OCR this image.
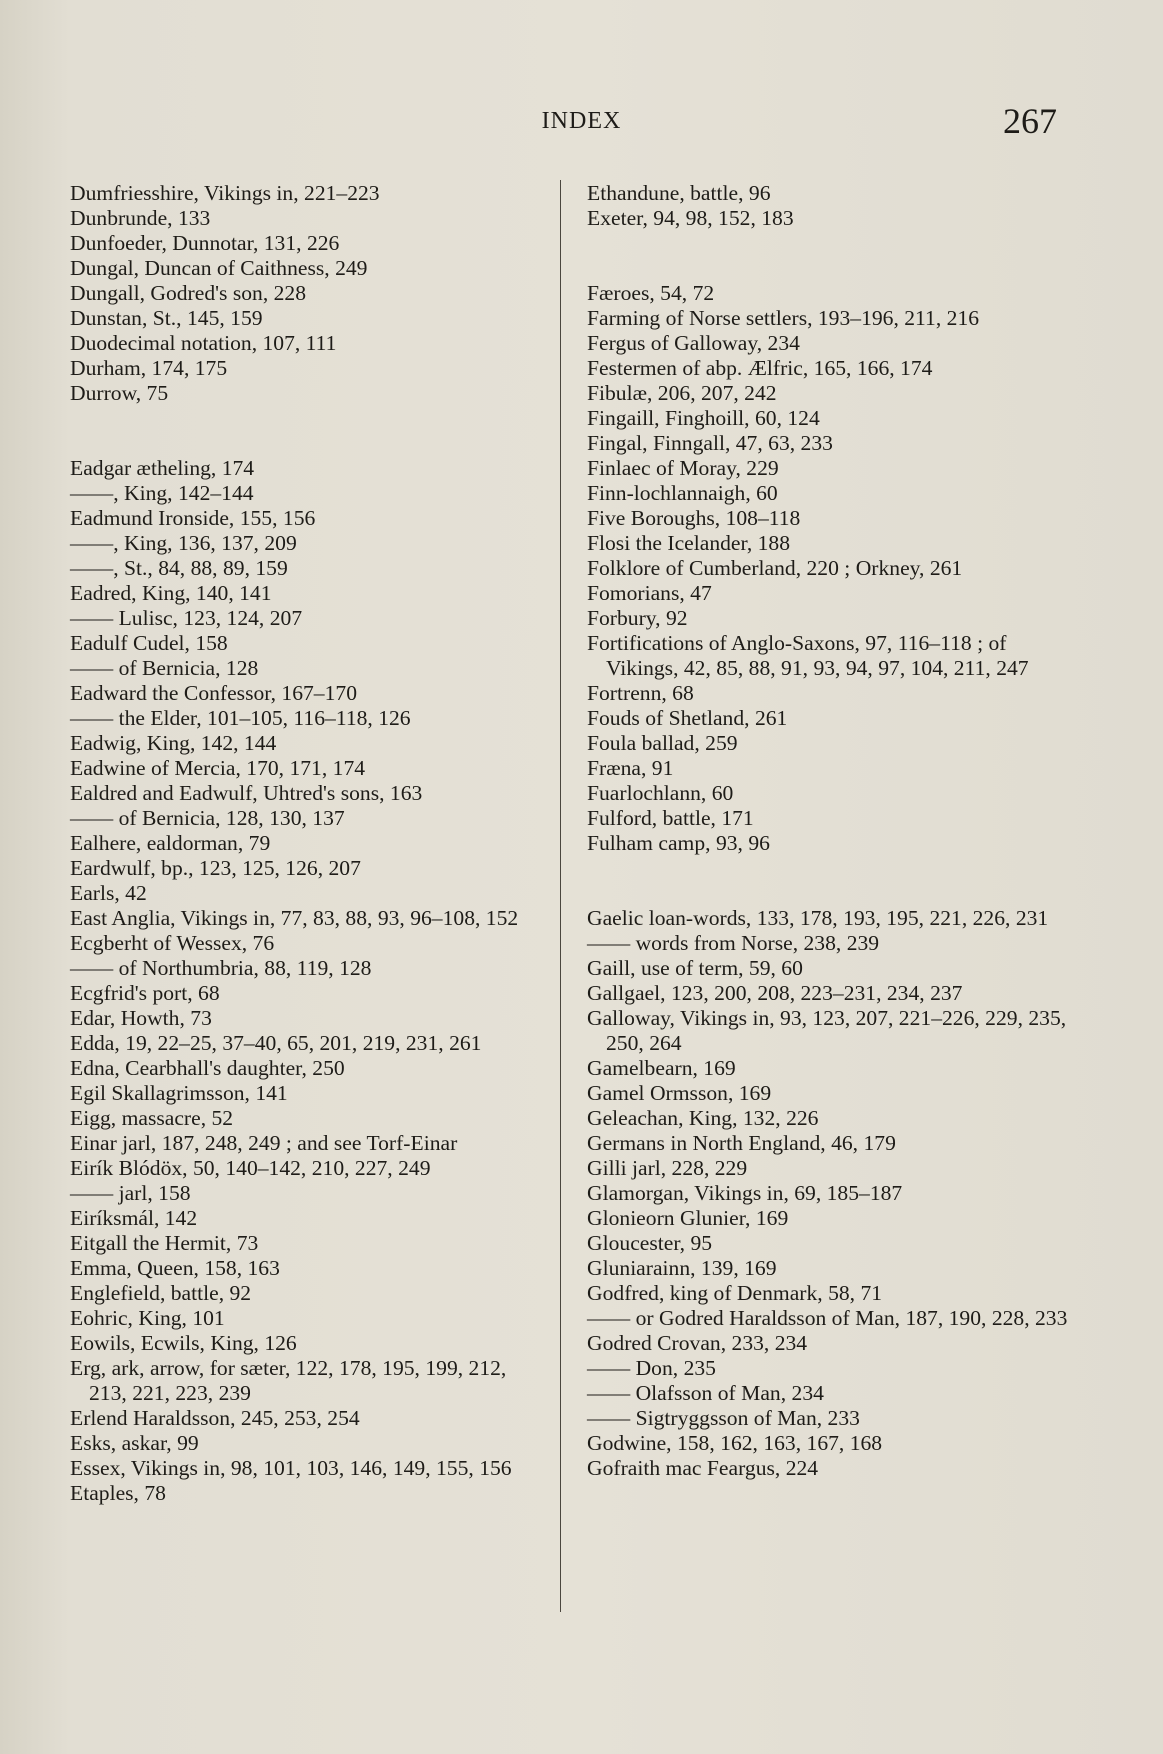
INDEX	267
Dumfriesshire, Vikings in, 221–223
Dunbrunde, 133
Dunfoeder, Dunnotar, 131, 226
Dungal, Duncan of Caithness, 249
Dungall, Godred's son, 228
Dunstan, St., 145, 159
Duodecimal notation, 107, 111
Durham, 174, 175
Durrow, 75
Eadgar ætheling, 174
——, King, 142–144
Eadmund Ironside, 155, 156
——, King, 136, 137, 209
——, St., 84, 88, 89, 159
Eadred, King, 140, 141
—— Lulisc, 123, 124, 207
Eadulf Cudel, 158
—— of Bernicia, 128
Eadward the Confessor, 167–170
—— the Elder, 101–105, 116–118, 126
Eadwig, King, 142, 144
Eadwine of Mercia, 170, 171, 174
Ealdred and Eadwulf, Uhtred's sons, 163
—— of Bernicia, 128, 130, 137
Ealhere, ealdorman, 79
Eardwulf, bp., 123, 125, 126, 207
Earls, 42
East Anglia, Vikings in, 77, 83, 88, 93, 96–108, 152
Ecgberht of Wessex, 76
—— of Northumbria, 88, 119, 128
Ecgfrid's port, 68
Edar, Howth, 73
Edda, 19, 22–25, 37–40, 65, 201, 219, 231, 261
Edna, Cearbhall's daughter, 250
Egil Skallagrimsson, 141
Eigg, massacre, 52
Einar jarl, 187, 248, 249 ; and see Torf-Einar
Eirík Blódöx, 50, 140–142, 210, 227, 249
—— jarl, 158
Eiríksmál, 142
Eitgall the Hermit, 73
Emma, Queen, 158, 163
Englefield, battle, 92
Eohric, King, 101
Eowils, Ecwils, King, 126
Erg, ark, arrow, for sæter, 122, 178, 195, 199, 212, 213, 221, 223, 239
Erlend Haraldsson, 245, 253, 254
Esks, askar, 99
Essex, Vikings in, 98, 101, 103, 146, 149, 155, 156
Etaples, 78
Ethandune, battle, 96
Exeter, 94, 98, 152, 183
Færoes, 54, 72
Farming of Norse settlers, 193–196, 211, 216
Fergus of Galloway, 234
Festermen of abp. Ælfric, 165, 166, 174
Fibulæ, 206, 207, 242
Fingaill, Finghoill, 60, 124
Fingal, Finngall, 47, 63, 233
Finlaec of Moray, 229
Finn-lochlannaigh, 60
Five Boroughs, 108–118
Flosi the Icelander, 188
Folklore of Cumberland, 220 ; Orkney, 261
Fomorians, 47
Forbury, 92
Fortifications of Anglo-Saxons, 97, 116–118 ; of Vikings, 42, 85, 88, 91, 93, 94, 97, 104, 211, 247
Fortrenn, 68
Fouds of Shetland, 261
Foula ballad, 259
Fræna, 91
Fuarlochlann, 60
Fulford, battle, 171
Fulham camp, 93, 96
Gaelic loan-words, 133, 178, 193, 195, 221, 226, 231
—— words from Norse, 238, 239
Gaill, use of term, 59, 60
Gallgael, 123, 200, 208, 223–231, 234, 237
Galloway, Vikings in, 93, 123, 207, 221–226, 229, 235, 250, 264
Gamelbearn, 169
Gamel Ormsson, 169
Geleachan, King, 132, 226
Germans in North England, 46, 179
Gilli jarl, 228, 229
Glamorgan, Vikings in, 69, 185–187
Glonieorn Glunier, 169
Gloucester, 95
Gluniarainn, 139, 169
Godfred, king of Denmark, 58, 71
—— or Godred Haraldsson of Man, 187, 190, 228, 233
Godred Crovan, 233, 234
—— Don, 235
—— Olafsson of Man, 234
—— Sigtryggsson of Man, 233
Godwine, 158, 162, 163, 167, 168
Gofraith mac Feargus, 224
